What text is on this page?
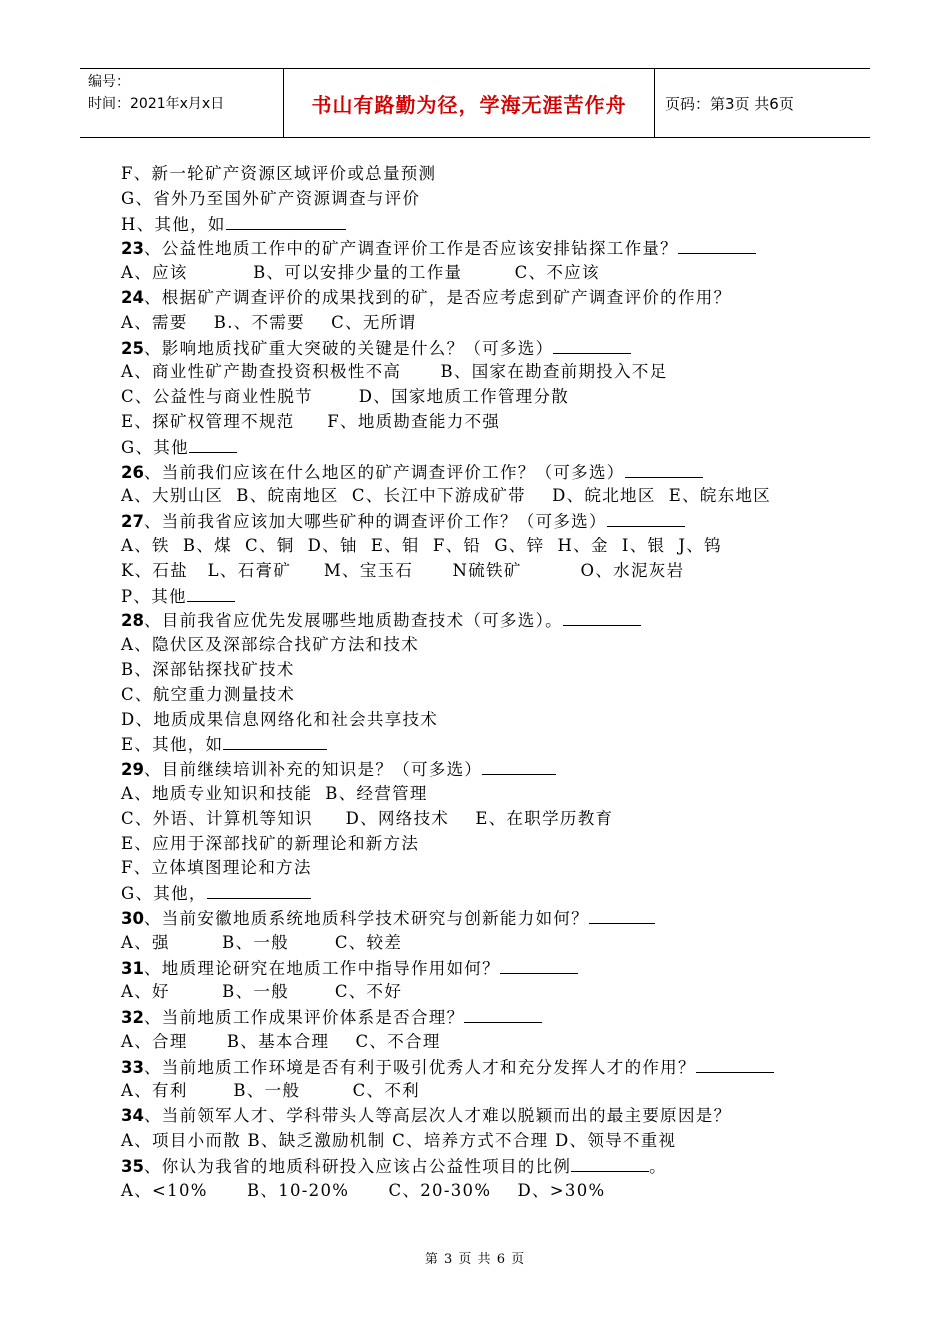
编号：
时间：2021年x月x日	书山有路勤为径，学海无涯苦作舟	页码：第3页 共6页
F、新一轮矿产资源区域评价或总量预测
G、省外乃至国外矿产资源调查与评价
H、其他，如
23、公益性地质工作中的矿产调查评价工作是否应该安排钻探工作量？
A、应该          B、可以安排少量的工作量        C、不应该
24、根据矿产调查评价的成果找到的矿，是否应考虑到矿产调查评价的作用？
A、需要    B.、不需要    C、无所谓
25、影响地质找矿重大突破的关键是什么？（可多选）
A、商业性矿产勘查投资积极性不高      B、国家在勘查前期投入不足
C、公益性与商业性脱节       D、国家地质工作管理分散
E、探矿权管理不规范     F、地质勘查能力不强
G、其他
26、当前我们应该在什么地区的矿产调查评价工作？（可多选）
A、大别山区  B、皖南地区  C、长江中下游成矿带    D、皖北地区  E、皖东地区
27、当前我省应该加大哪些矿种的调查评价工作？（可多选）
A、铁  B、煤  C、铜  D、铀  E、钼  F、铅  G、锌  H、金  I、银  J、钨
K、石盐   L、石膏矿     M、宝玉石      N硫铁矿         O、水泥灰岩
P、其他
28、目前我省应优先发展哪些地质勘查技术（可多选）。
A、隐伏区及深部综合找矿方法和技术
B、深部钻探找矿技术
C、航空重力测量技术
D、地质成果信息网络化和社会共享技术
E、其他，如
29、目前继续培训补充的知识是？（可多选）
A、地质专业知识和技能  B、经营管理
C、外语、计算机等知识     D、网络技术    E、在职学历教育
E、应用于深部找矿的新理论和新方法
F、立体填图理论和方法
G、其他，
30、当前安徽地质系统地质科学技术研究与创新能力如何？
A、强        B、一般       C、较差
31、地质理论研究在地质工作中指导作用如何？
A、好        B、一般       C、不好
32、当前地质工作成果评价体系是否合理？
A、合理      B、基本合理    C、不合理
33、当前地质工作环境是否有利于吸引优秀人才和充分发挥人才的作用？
A、有利       B、一般        C、不利
34、当前领军人才、学科带头人等高层次人才难以脱颖而出的最主要原因是？
A、项目小而散 B、缺乏激励机制 C、培养方式不合理 D、领导不重视
35、你认为我省的地质科研投入应该占公益性项目的比例	。
A、<10%      B、10-20%      C、20-30%    D、>30%
第 3 页 共 6 页
